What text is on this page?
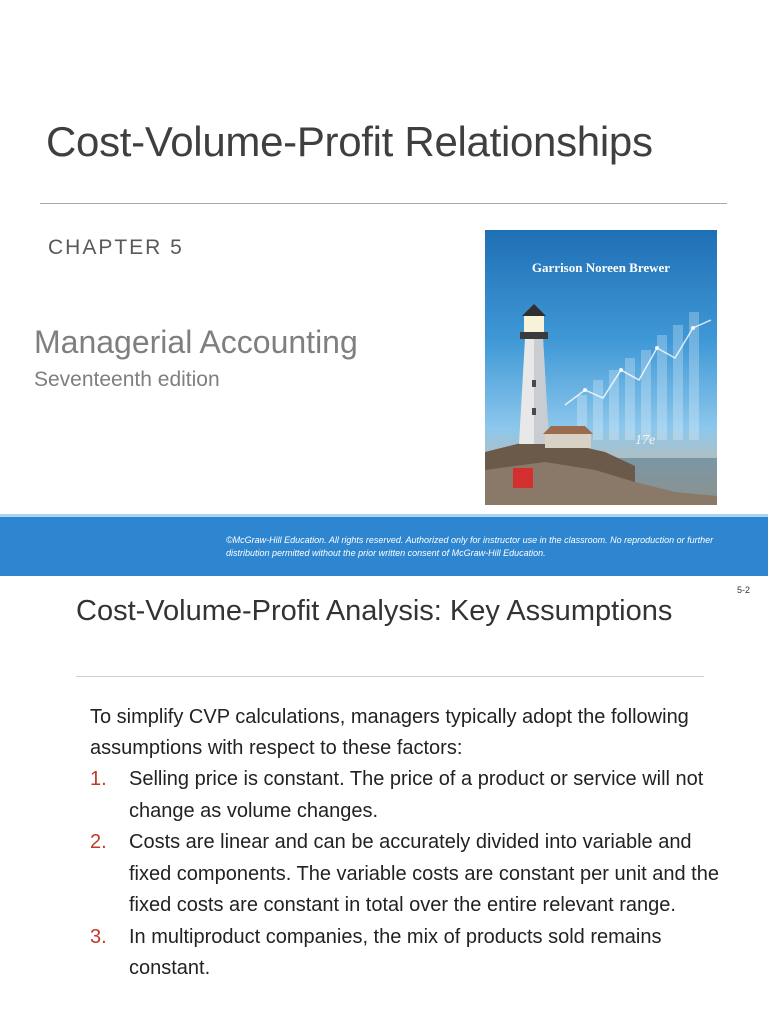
Cost-Volume-Profit Relationships
CHAPTER 5
Managerial Accounting
Seventeenth edition
17e
Garrison Noreen Brewer
©McGraw-Hill Education. All rights reserved. Authorized only for instructor use in the classroom. No reproduction or further distribution permitted without the prior written consent of McGraw-Hill Education.
5-2
Cost-Volume-Profit Analysis: Key Assumptions
To simplify CVP calculations, managers typically adopt the following assumptions with respect to these factors:
1. Selling price is constant. The price of a product or service will not change as volume changes.
2. Costs are linear and can be accurately divided into variable and fixed components. The variable costs are constant per unit and the fixed costs are constant in total over the entire relevant range.
3. In multiproduct companies, the mix of products sold remains constant.
